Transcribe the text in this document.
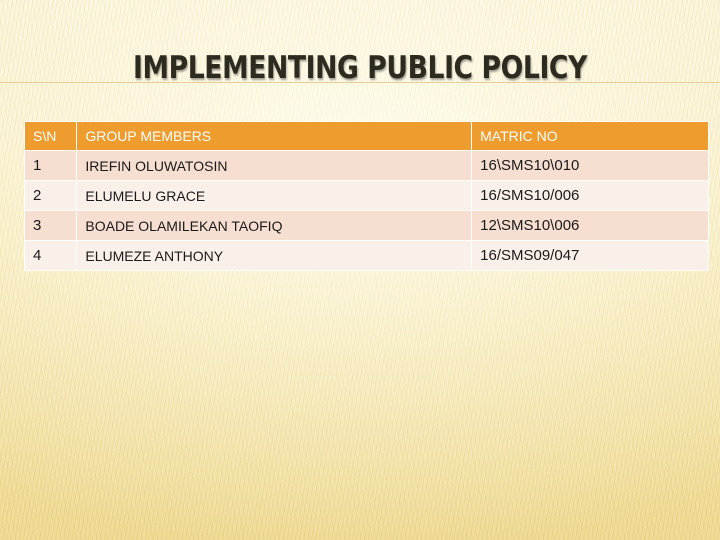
IMPLEMENTING PUBLIC POLICY
S\N	GROUP MEMBERS	MATRIC NO
1	IREFIN OLUWATOSIN	16\SMS10\010
2	ELUMELU GRACE	16/SMS10/006
3	BOADE OLAMILEKAN TAOFIQ	12\SMS10\006
4	ELUMEZE ANTHONY	16/SMS09/047
